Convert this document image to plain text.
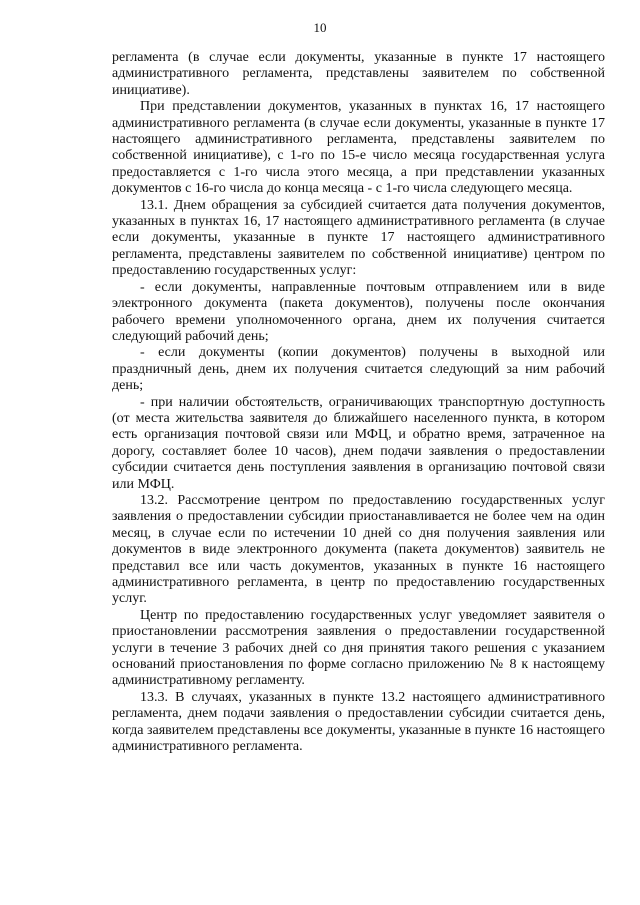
10

регламента (в случае если документы, указанные в пункте 17 настоящего административного регламента, представлены заявителем по собственной инициативе).

При представлении документов, указанных в пунктах 16, 17 настоящего административного регламента (в случае если документы, указанные в пункте 17 настоящего административного регламента, представлены заявителем по собственной инициативе), с 1-го по 15-е число месяца государственная услуга предоставляется с 1-го числа этого месяца, а при представлении указанных документов с 16-го числа до конца месяца - с 1-го числа следующего месяца.

13.1. Днем обращения за субсидией считается дата получения документов, указанных в пунктах 16, 17 настоящего административного регламента (в случае если документы, указанные в пункте 17 настоящего административного регламента, представлены заявителем по собственной инициативе) центром по предоставлению государственных услуг:

- если документы, направленные почтовым отправлением или в виде электронного документа (пакета документов), получены после окончания рабочего времени уполномоченного органа, днем их получения считается следующий рабочий день;

- если документы (копии документов) получены в выходной или праздничный день, днем их получения считается следующий за ним рабочий день;

- при наличии обстоятельств, ограничивающих транспортную доступность (от места жительства заявителя до ближайшего населенного пункта, в котором есть организация почтовой связи или МФЦ, и обратно время, затраченное на дорогу, составляет более 10 часов), днем подачи заявления о предоставлении субсидии считается день поступления заявления в организацию почтовой связи или МФЦ.

13.2. Рассмотрение центром по предоставлению государственных услуг заявления о предоставлении субсидии приостанавливается не более чем на один месяц, в случае если по истечении 10 дней со дня получения заявления или документов в виде электронного документа (пакета документов) заявитель не представил все или часть документов, указанных в пункте 16 настоящего административного регламента, в центр по предоставлению государственных услуг.

Центр по предоставлению государственных услуг уведомляет заявителя о приостановлении рассмотрения заявления о предоставлении государственной услуги в течение 3 рабочих дней со дня принятия такого решения с указанием оснований приостановления по форме согласно приложению № 8 к настоящему административному регламенту.

13.3. В случаях, указанных в пункте 13.2 настоящего административного регламента, днем подачи заявления о предоставлении субсидии считается день, когда заявителем представлены все документы, указанные в пункте 16 настоящего административного регламента.
